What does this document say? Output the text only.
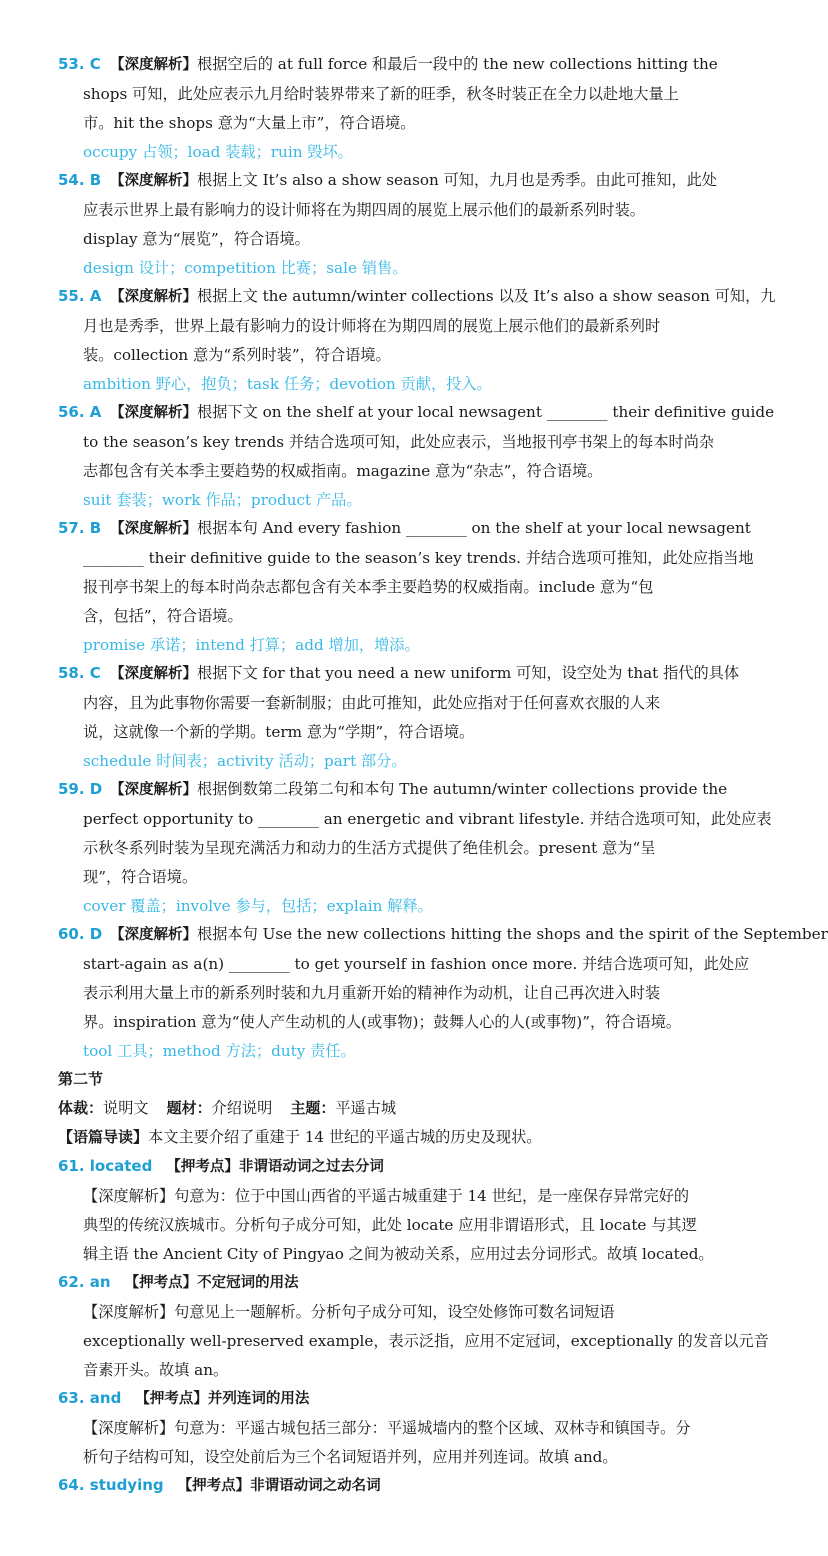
53. C 【深度解析】根据空后的 at full force 和最后一段中的 the new collections hitting the
shops 可知，此处应表示九月给时装界带来了新的旺季，秋冬时装正在全力以赴地大量上
市。hit the shops 意为“大量上市”，符合语境。
occupy 占领；load 装载；ruin 毁坏。
54. B 【深度解析】根据上文 It’s also a show season 可知，九月也是秀季。由此可推知，此处
应表示世界上最有影响力的设计师将在为期四周的展览上展示他们的最新系列时装。
display 意为“展览”，符合语境。
design 设计；competition 比赛；sale 销售。
55. A 【深度解析】根据上文 the autumn/winter collections 以及 It’s also a show season 可知，九
月也是秀季，世界上最有影响力的设计师将在为期四周的展览上展示他们的最新系列时
装。collection 意为“系列时装”，符合语境。
ambition 野心，抱负；task 任务；devotion 贡献，投入。
56. A 【深度解析】根据下文 on the shelf at your local newsagent ________ their definitive guide
to the season’s key trends 并结合选项可知，此处应表示，当地报刊亭书架上的每本时尚杂
志都包含有关本季主要趋势的权威指南。magazine 意为“杂志”，符合语境。
suit 套装；work 作品；product 产品。
57. B 【深度解析】根据本句 And every fashion ________ on the shelf at your local newsagent
________ their definitive guide to the season’s key trends. 并结合选项可推知，此处应指当地
报刊亭书架上的每本时尚杂志都包含有关本季主要趋势的权威指南。include 意为“包
含，包括”，符合语境。
promise 承诺；intend 打算；add 增加，增添。
58. C 【深度解析】根据下文 for that you need a new uniform 可知，设空处为 that 指代的具体
内容，且为此事物你需要一套新制服；由此可推知，此处应指对于任何喜欢衣服的人来
说，这就像一个新的学期。term 意为“学期”，符合语境。
schedule 时间表；activity 活动；part 部分。
59. D 【深度解析】根据倒数第二段第二句和本句 The autumn/winter collections provide the
perfect opportunity to ________ an energetic and vibrant lifestyle. 并结合选项可知，此处应表
示秋冬系列时装为呈现充满活力和动力的生活方式提供了绝佳机会。present 意为“呈
现”，符合语境。
cover 覆盖；involve 参与，包括；explain 解释。
60. D 【深度解析】根据本句 Use the new collections hitting the shops and the spirit of the September
start-again as a(n) ________ to get yourself in fashion once more. 并结合选项可知，此处应
表示利用大量上市的新系列时装和九月重新开始的精神作为动机，让自己再次进入时装
界。inspiration 意为“使人产生动机的人(或事物)；鼓舞人心的人(或事物)”，符合语境。
tool 工具；method 方法；duty 责任。
第二节
体裁：说明文 题材：介绍说明 主题：平遥古城
【语篇导读】本文主要介绍了重建于 14 世纪的平遥古城的历史及现状。
61. located 【押考点】非谓语动词之过去分词
【深度解析】句意为：位于中国山西省的平遥古城重建于 14 世纪，是一座保存异常完好的
典型的传统汉族城市。分析句子成分可知，此处 locate 应用非谓语形式，且 locate 与其逻
辑主语 the Ancient City of Pingyao 之间为被动关系，应用过去分词形式。故填 located。
62. an 【押考点】不定冠词的用法
【深度解析】句意见上一题解析。分析句子成分可知，设空处修饰可数名词短语
exceptionally well-preserved example，表示泛指，应用不定冠词，exceptionally 的发音以元音
音素开头。故填 an。
63. and 【押考点】并列连词的用法
【深度解析】句意为：平遥古城包括三部分：平遥城墙内的整个区域、双林寺和镇国寺。分
析句子结构可知，设空处前后为三个名词短语并列，应用并列连词。故填 and。
64. studying 【押考点】非谓语动词之动名词
